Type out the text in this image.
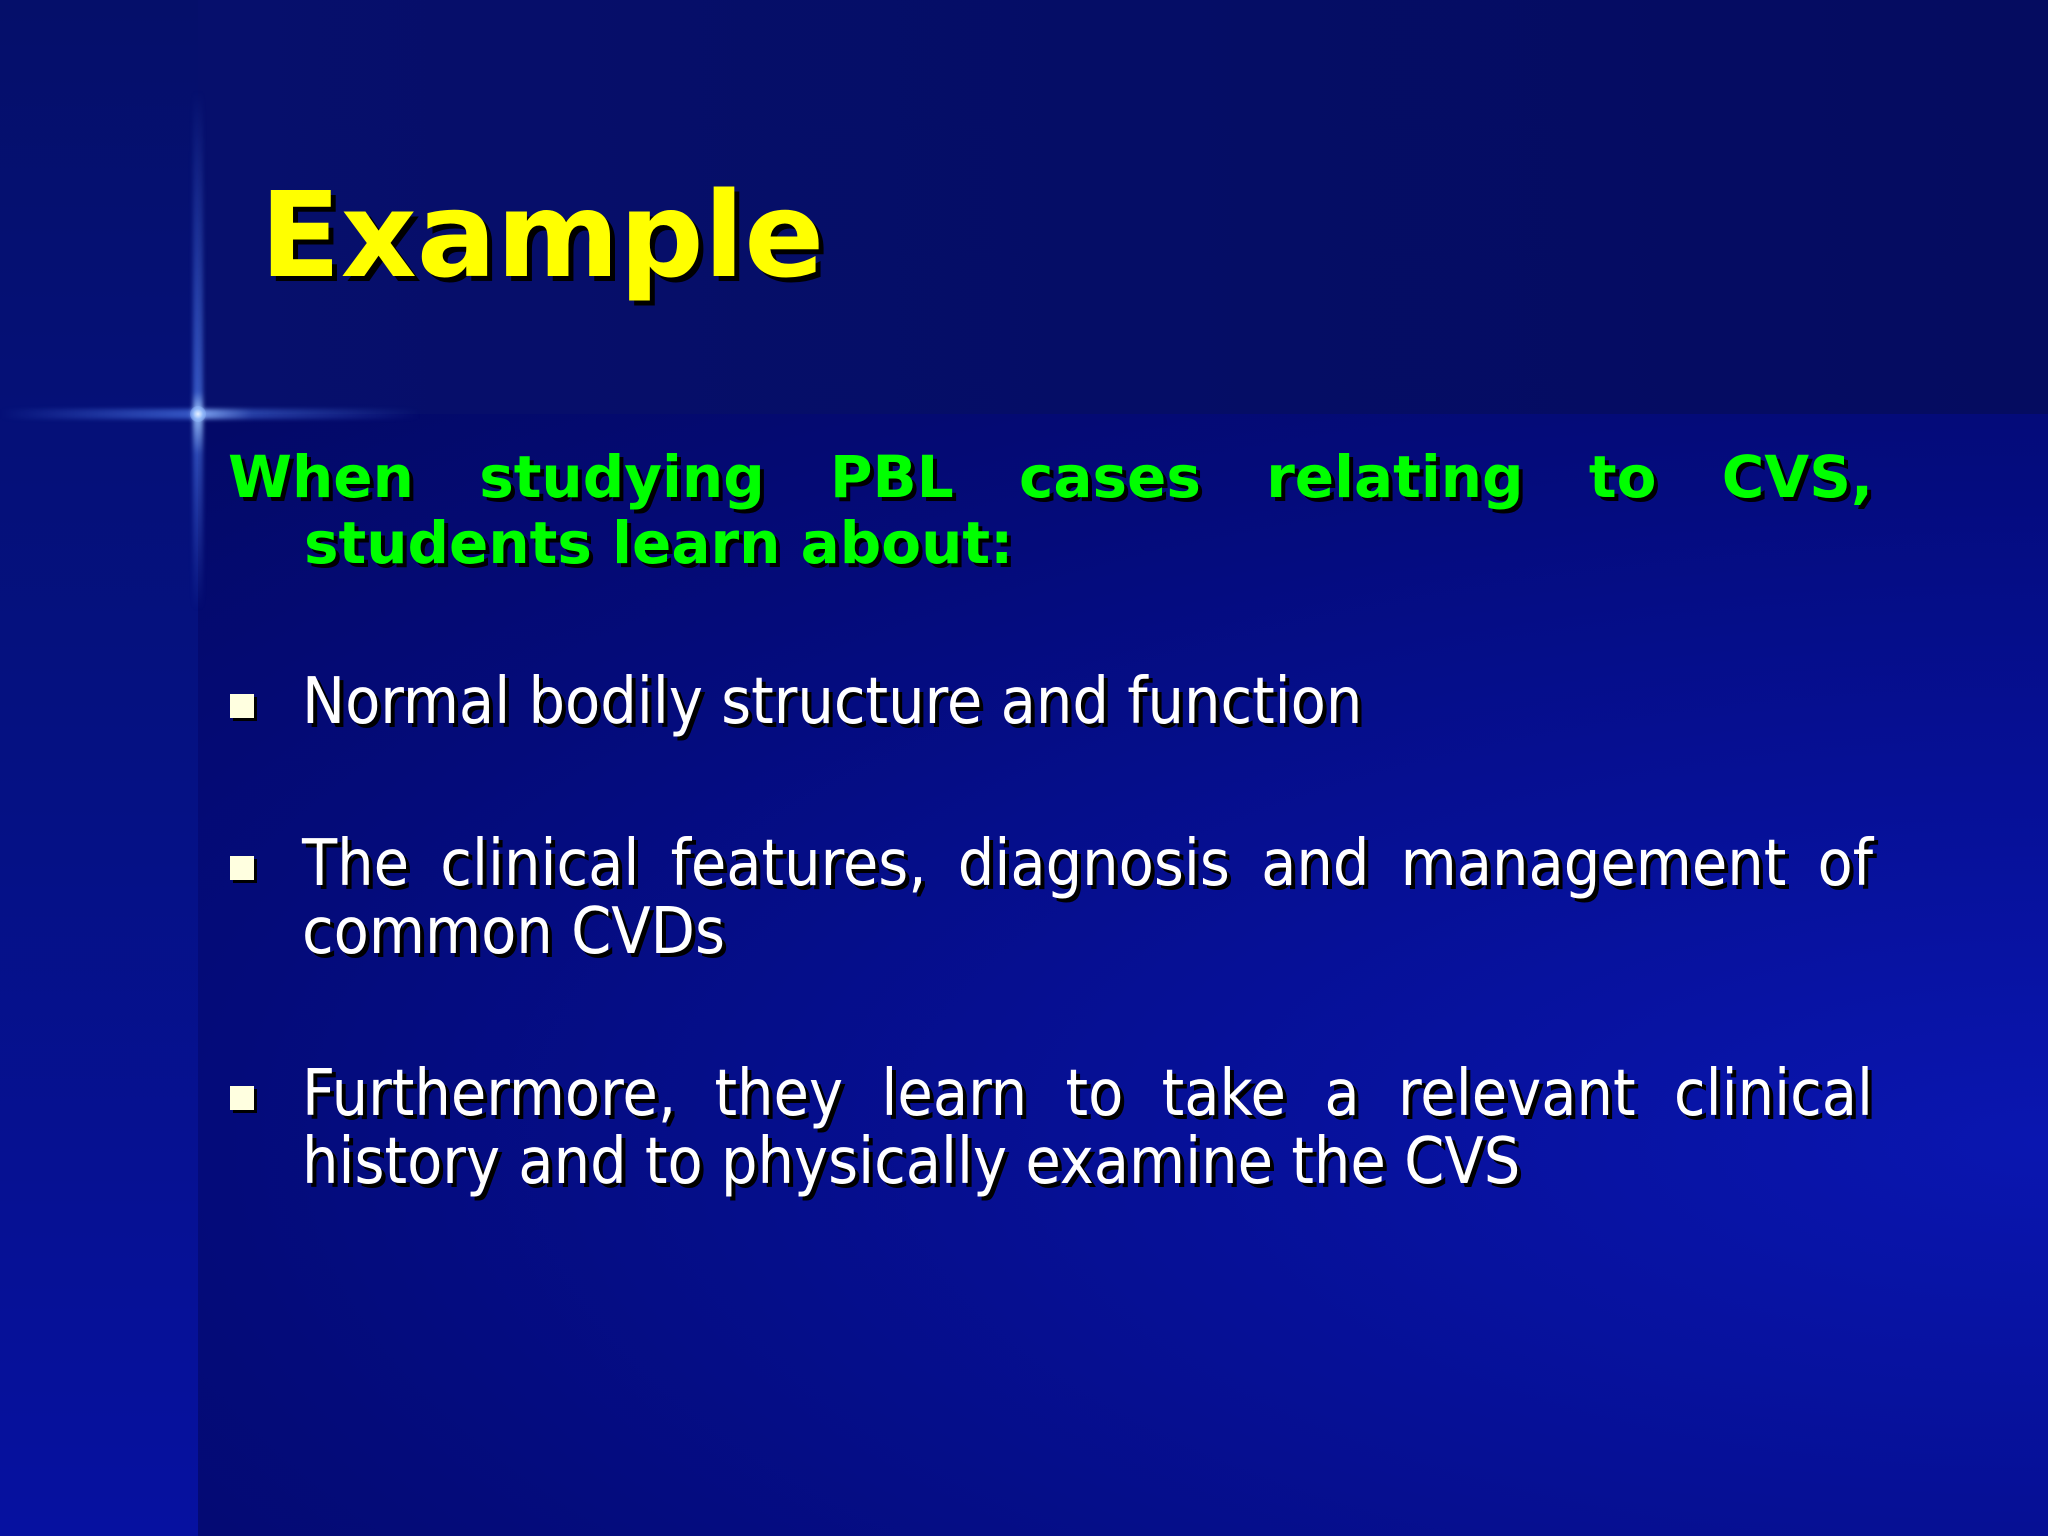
Example

When studying PBL cases relating to CVS, students learn about:

Normal bodily structure and function
The clinical features, diagnosis and management of common CVDs
Furthermore, they learn to take a relevant clinical history and to physically examine the CVS
